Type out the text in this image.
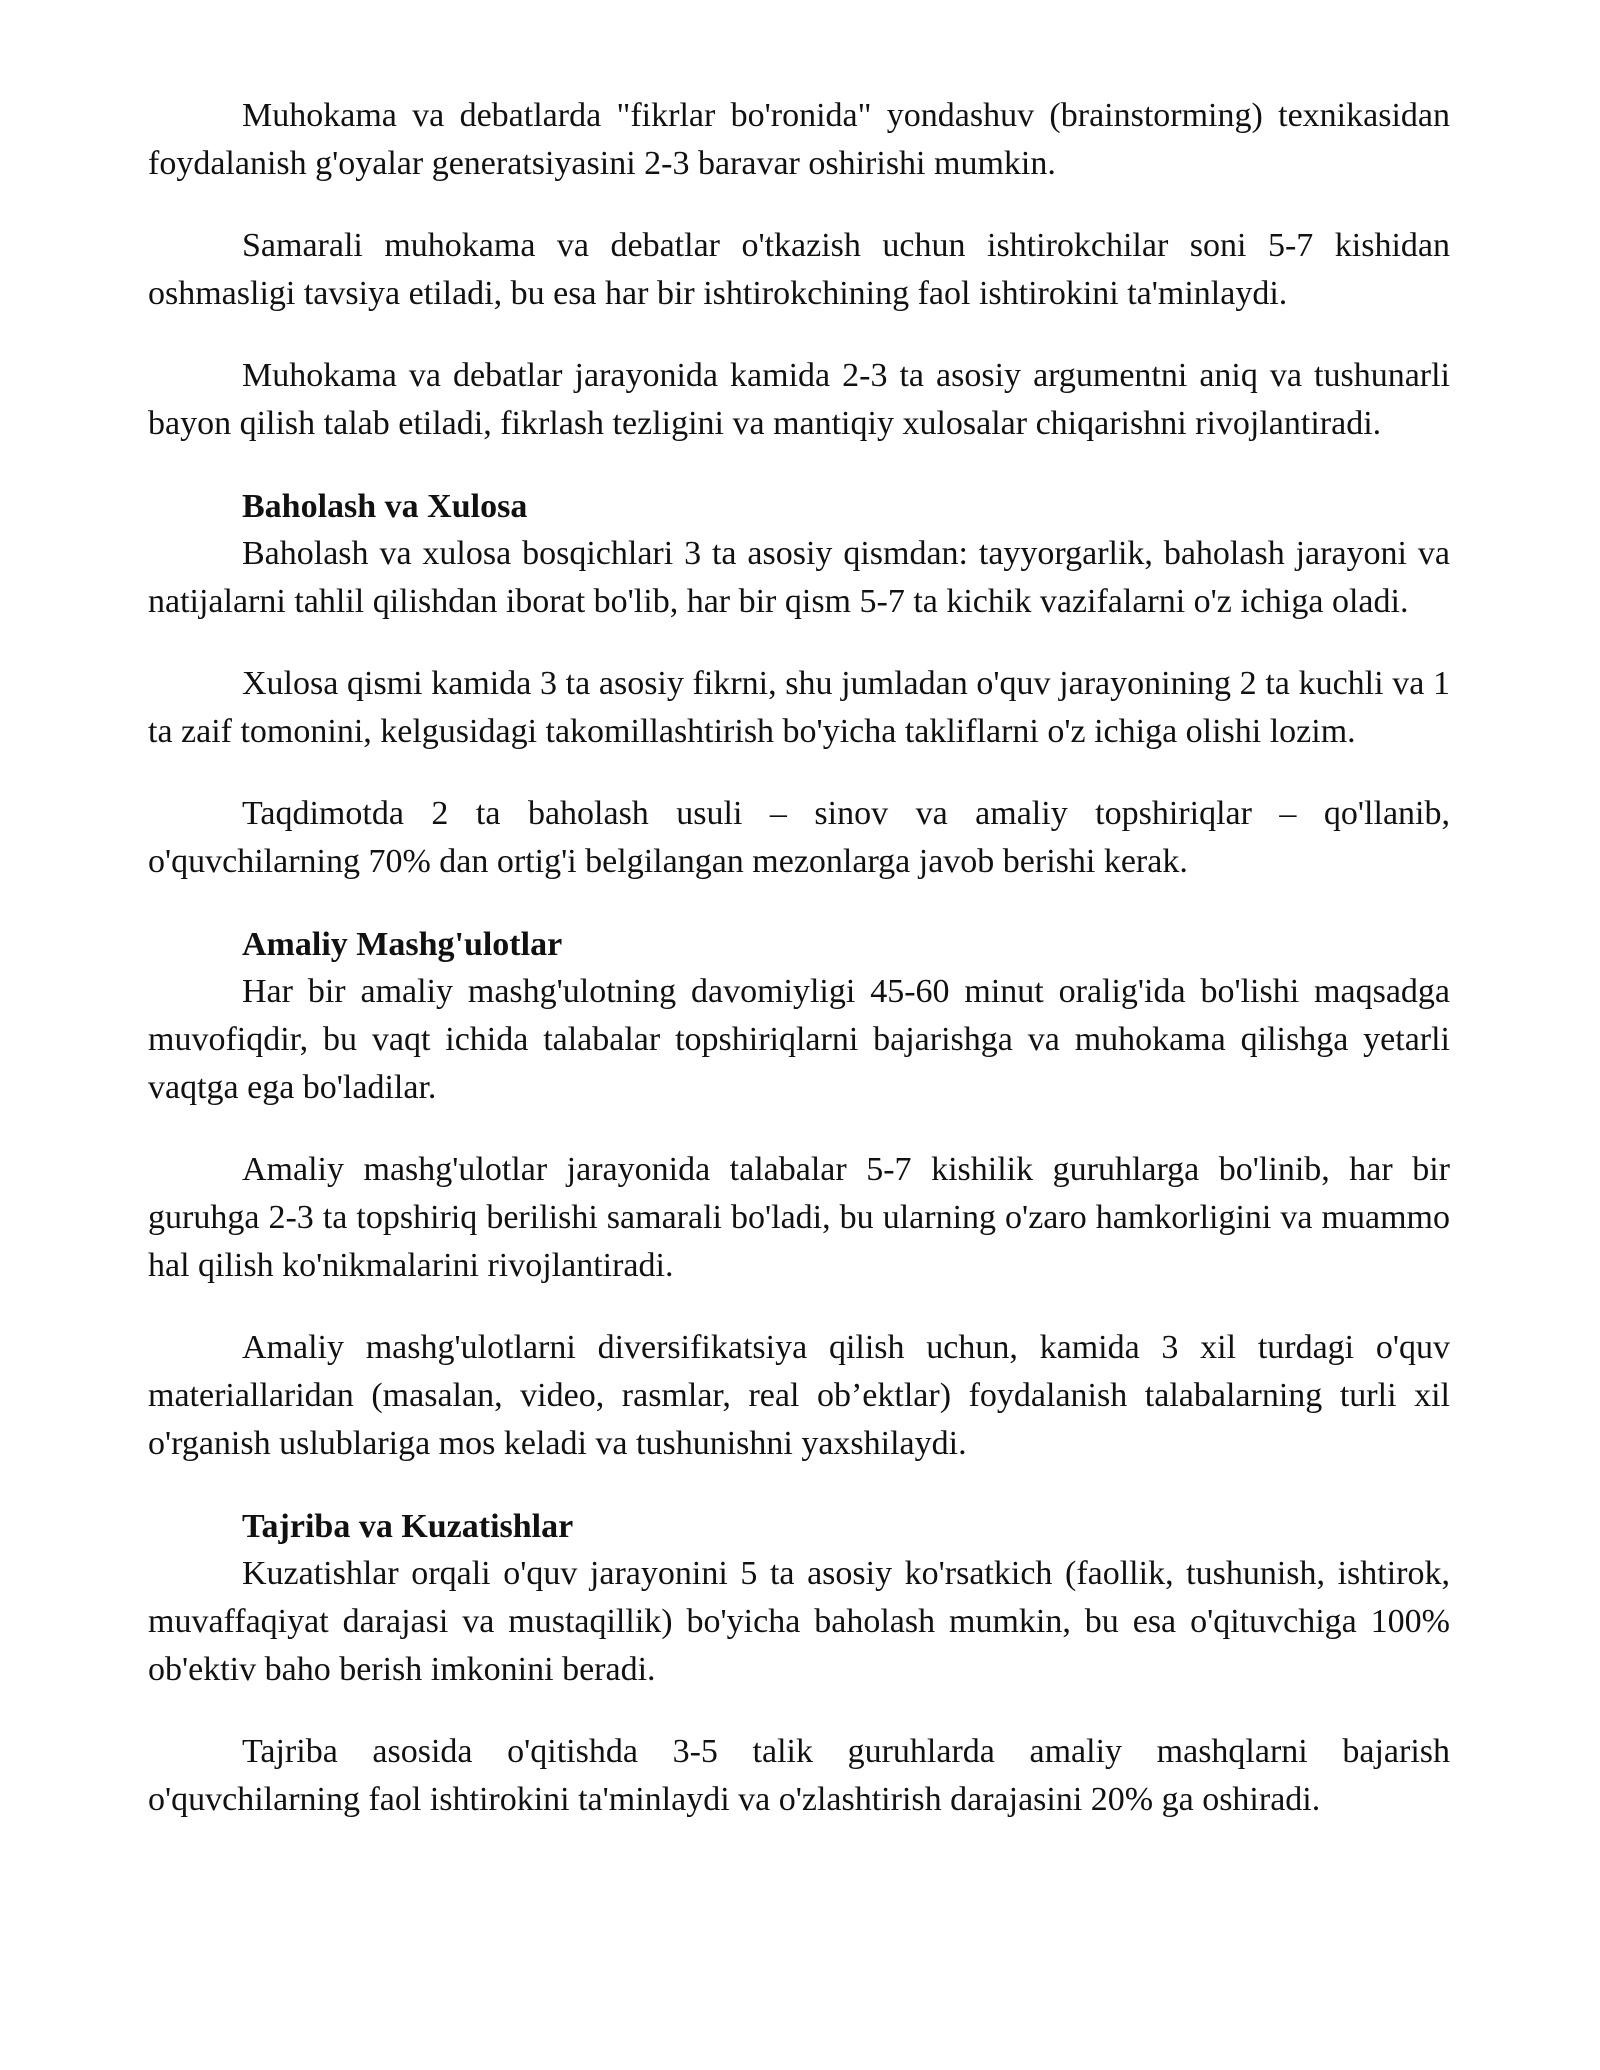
Muhokama va debatlarda "fikrlar bo'ronida" yondashuv (brainstorming) texnikasidan foydalanish g'oyalar generatsiyasini 2-3 baravar oshirishi mumkin.

Samarali muhokama va debatlar o'tkazish uchun ishtirokchilar soni 5-7 kishidan oshmasligi tavsiya etiladi, bu esa har bir ishtirokchining faol ishtirokini ta'minlaydi.

Muhokama va debatlar jarayonida kamida 2-3 ta asosiy argumentni aniq va tushunarli bayon qilish talab etiladi, fikrlash tezligini va mantiqiy xulosalar chiqarishni rivojlantiradi.

Baholash va Xulosa

Baholash va xulosa bosqichlari 3 ta asosiy qismdan: tayyorgarlik, baholash jarayoni va natijalarni tahlil qilishdan iborat bo'lib, har bir qism 5-7 ta kichik vazifalarni o'z ichiga oladi.

Xulosa qismi kamida 3 ta asosiy fikrni, shu jumladan o'quv jarayonining 2 ta kuchli va 1 ta zaif tomonini, kelgusidagi takomillashtirish bo'yicha takliflarni o'z ichiga olishi lozim.

Taqdimotda 2 ta baholash usuli – sinov va amaliy topshiriqlar – qo'llanib, o'quvchilarning 70% dan ortig'i belgilangan mezonlarga javob berishi kerak.

Amaliy Mashg'ulotlar

Har bir amaliy mashg'ulotning davomiyligi 45-60 minut oralig'ida bo'lishi maqsadga muvofiqdir, bu vaqt ichida talabalar topshiriqlarni bajarishga va muhokama qilishga yetarli vaqtga ega bo'ladilar.

Amaliy mashg'ulotlar jarayonida talabalar 5-7 kishilik guruhlarga bo'linib, har bir guruhga 2-3 ta topshiriq berilishi samarali bo'ladi, bu ularning o'zaro hamkorligini va muammo hal qilish ko'nikmalarini rivojlantiradi.

Amaliy mashg'ulotlarni diversifikatsiya qilish uchun, kamida 3 xil turdagi o'quv materiallaridan (masalan, video, rasmlar, real ob’ektlar) foydalanish talabalarning turli xil o'rganish uslublariga mos keladi va tushunishni yaxshilaydi.

Tajriba va Kuzatishlar

Kuzatishlar orqali o'quv jarayonini 5 ta asosiy ko'rsatkich (faollik, tushunish, ishtirok, muvaffaqiyat darajasi va mustaqillik) bo'yicha baholash mumkin, bu esa o'qituvchiga 100% ob'ektiv baho berish imkonini beradi.

Tajriba asosida o'qitishda 3-5 talik guruhlarda amaliy mashqlarni bajarish o'quvchilarning faol ishtirokini ta'minlaydi va o'zlashtirish darajasini 20% ga oshiradi.
